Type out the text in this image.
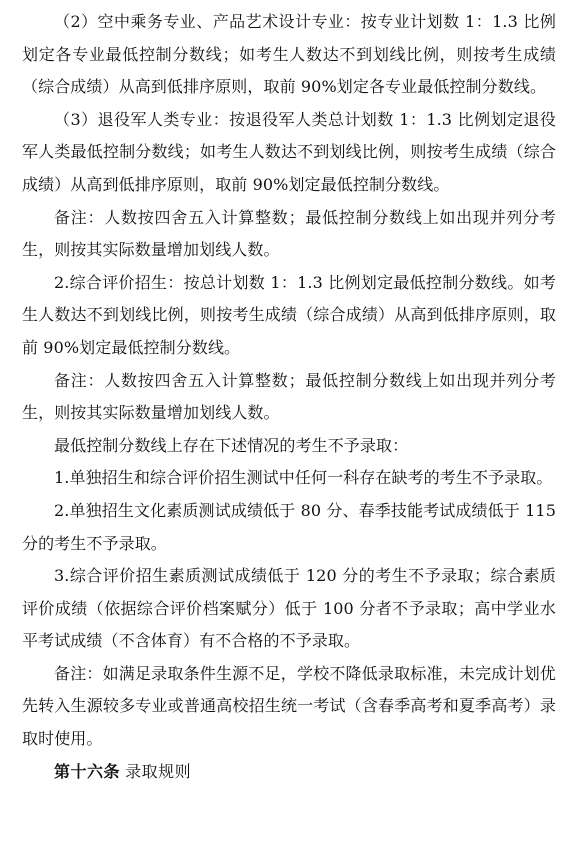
（2）空中乘务专业、产品艺术设计专业：按专业计划数 1：1.3 比例划定各专业最低控制分数线；如考生人数达不到划线比例，则按考生成绩（综合成绩）从高到低排序原则，取前 90%划定各专业最低控制分数线。

（3）退役军人类专业：按退役军人类总计划数 1：1.3 比例划定退役军人类最低控制分数线；如考生人数达不到划线比例，则按考生成绩（综合成绩）从高到低排序原则，取前 90%划定最低控制分数线。

备注：人数按四舍五入计算整数；最低控制分数线上如出现并列分考生，则按其实际数量增加划线人数。

2.综合评价招生：按总计划数 1：1.3 比例划定最低控制分数线。如考生人数达不到划线比例，则按考生成绩（综合成绩）从高到低排序原则，取前 90%划定最低控制分数线。

备注：人数按四舍五入计算整数；最低控制分数线上如出现并列分考生，则按其实际数量增加划线人数。

最低控制分数线上存在下述情况的考生不予录取：

1.单独招生和综合评价招生测试中任何一科存在缺考的考生不予录取。

2.单独招生文化素质测试成绩低于 80 分、春季技能考试成绩低于 115 分的考生不予录取。

3.综合评价招生素质测试成绩低于 120 分的考生不予录取；综合素质评价成绩（依据综合评价档案赋分）低于 100 分者不予录取；高中学业水平考试成绩（不含体育）有不合格的不予录取。

备注：如满足录取条件生源不足，学校不降低录取标准，未完成计划优先转入生源较多专业或普通高校招生统一考试（含春季高考和夏季高考）录取时使用。

第十六条 录取规则
